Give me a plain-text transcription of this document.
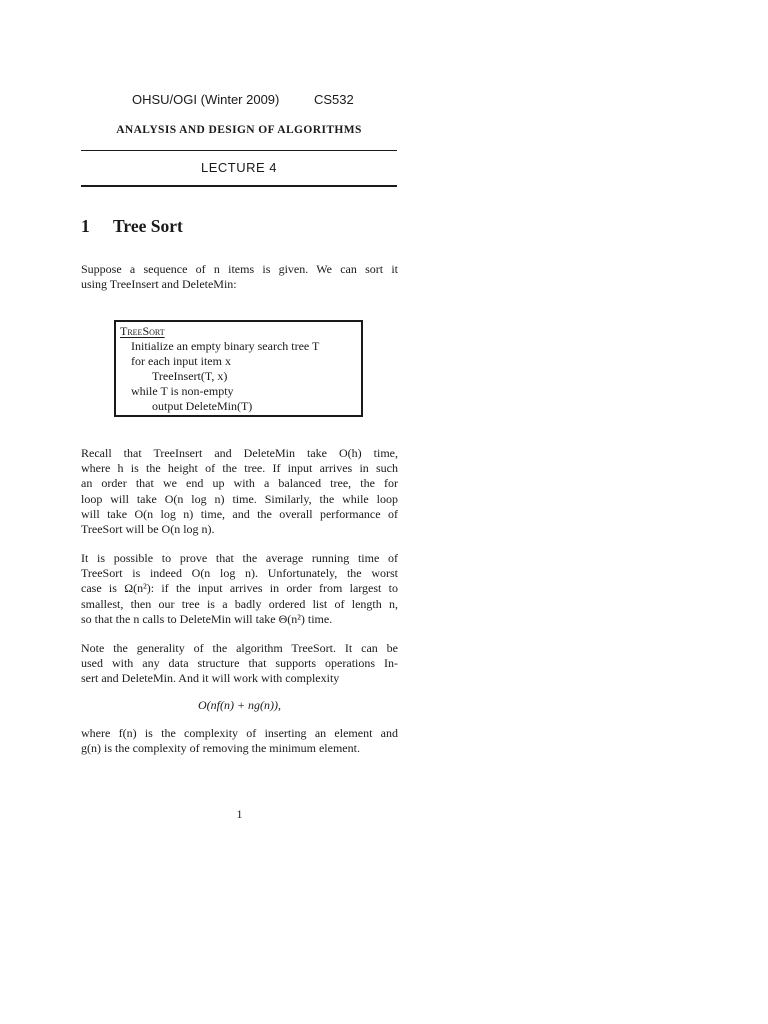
OHSU/OGI (Winter 2009)	CS532
ANALYSIS AND DESIGN OF ALGORITHMS
LECTURE 4
1 Tree Sort
Suppose a sequence of n items is given. We can sort it
using TreeInsert and DeleteMin:
TreeSort
Initialize an empty binary search tree T
for each input item x
TreeInsert(T, x)
while T is non-empty
output DeleteMin(T)
Recall that TreeInsert and DeleteMin take O(h) time,
where h is the height of the tree. If input arrives in such
an order that we end up with a balanced tree, the for
loop will take O(n log n) time. Similarly, the while loop
will take O(n log n) time, and the overall performance of
TreeSort will be O(n log n).
It is possible to prove that the average running time of
TreeSort is indeed O(n log n). Unfortunately, the worst
case is Ω(n²): if the input arrives in order from largest to
smallest, then our tree is a badly ordered list of length n,
so that the n calls to DeleteMin will take Θ(n²) time.
Note the generality of the algorithm TreeSort. It can be
used with any data structure that supports operations In-
sert and DeleteMin. And it will work with complexity
O(nf(n) + ng(n)),
where f(n) is the complexity of inserting an element and
g(n) is the complexity of removing the minimum element.
1
